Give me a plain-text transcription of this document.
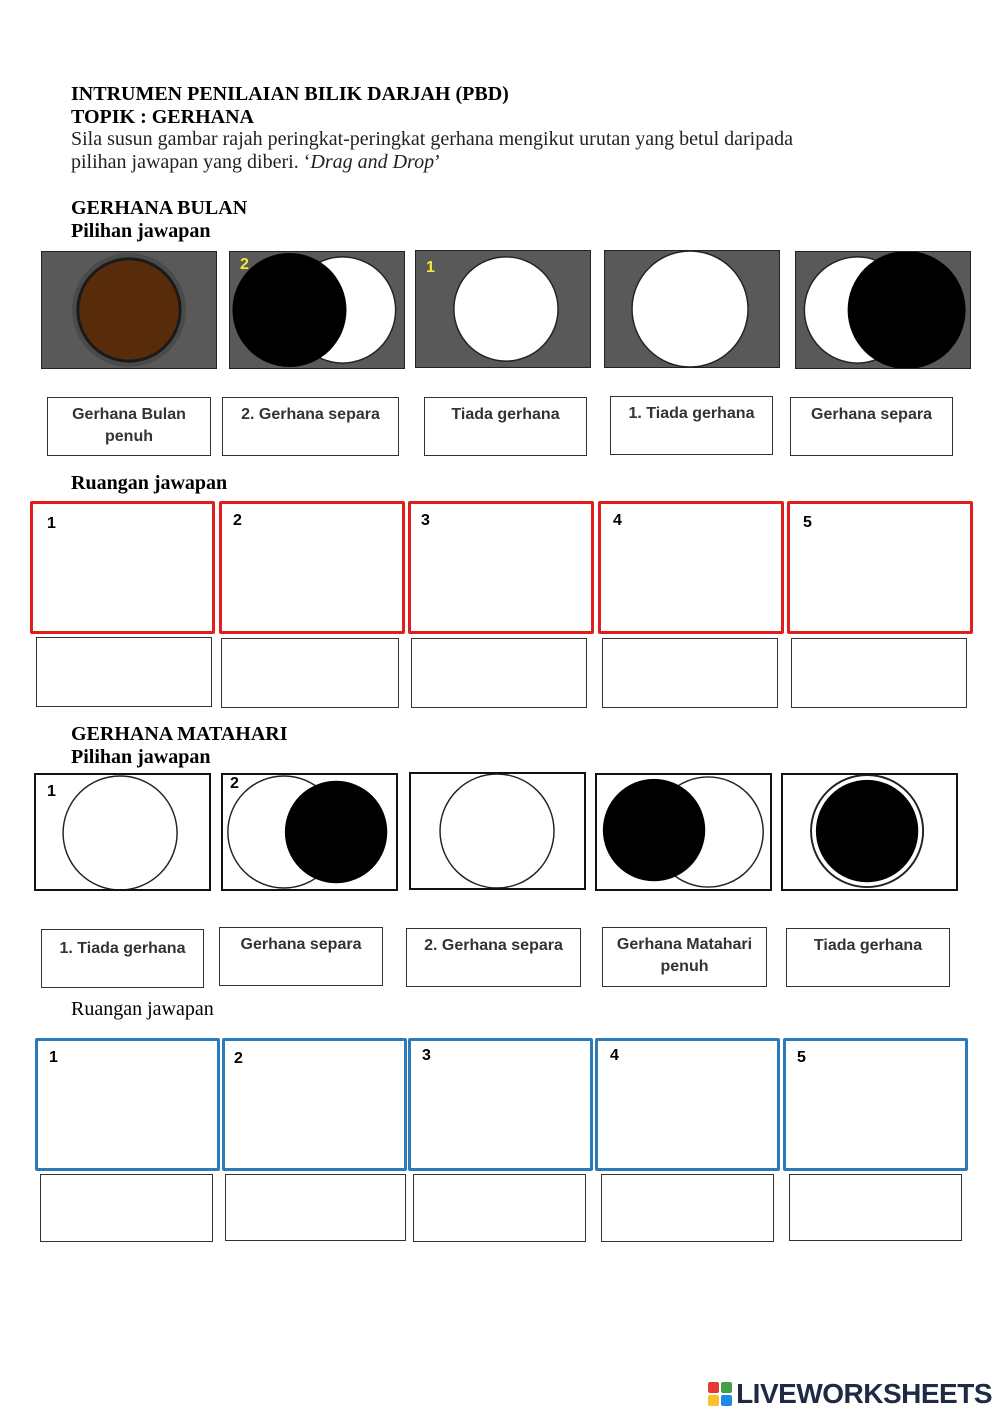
INTRUMEN PENILAIAN BILIK DARJAH (PBD)
TOPIK : GERHANA
Sila susun gambar rajah peringkat-peringkat gerhana mengikut urutan yang betul daripada
pilihan jawapan yang diberi. ‘Drag and Drop’
GERHANA BULAN
Pilihan jawapan
2	1
Gerhana Bulan penuh
2. Gerhana separa	Tiada gerhana	1. Tiada gerhana	Gerhana separa
Ruangan jawapan
1	2	3	4	5
GERHANA MATAHARI
Pilihan jawapan
1	2
1. Tiada gerhana	Gerhana separa	2. Gerhana separa	Gerhana Matahari penuh
Tiada gerhana
Ruangan jawapan
1	2	3	4	5
LIVEWORKSHEETS
